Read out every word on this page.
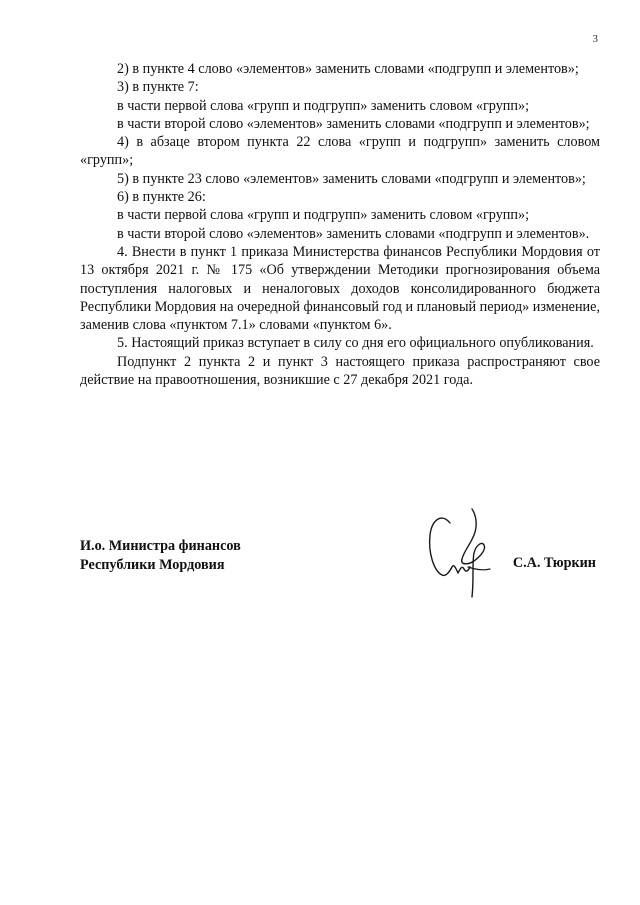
3

2) в пункте 4 слово «элементов» заменить словами «подгрупп и элементов»;

3) в пункте 7:

в части первой слова «групп и подгрупп» заменить словом «групп»;

в части второй слово «элементов» заменить словами «подгрупп и элементов»;

4) в абзаце втором пункта 22 слова «групп и подгрупп» заменить словом «групп»;

5) в пункте 23 слово «элементов» заменить словами «подгрупп и элементов»;

6) в пункте 26:

в части первой слова «групп и подгрупп» заменить словом «групп»;

в части второй слово «элементов» заменить словами «подгрупп и элементов».

4. Внести в пункт 1 приказа Министерства финансов Республики Мордовия от 13 октября 2021 г. № 175 «Об утверждении Методики прогнозирования объема поступления налоговых и неналоговых доходов консолидированного бюджета Республики Мордовия на очередной финансовый год и плановый период» изменение, заменив слова «пунктом 7.1» словами «пунктом 6».

5. Настоящий приказ вступает в силу со дня его официального опубликования.

Подпункт 2 пункта 2 и пункт 3 настоящего приказа распространяют свое действие на правоотношения, возникшие с 27 декабря 2021 года.

И.о. Министра финансов
Республики Мордовия	С.А. Тюркин
